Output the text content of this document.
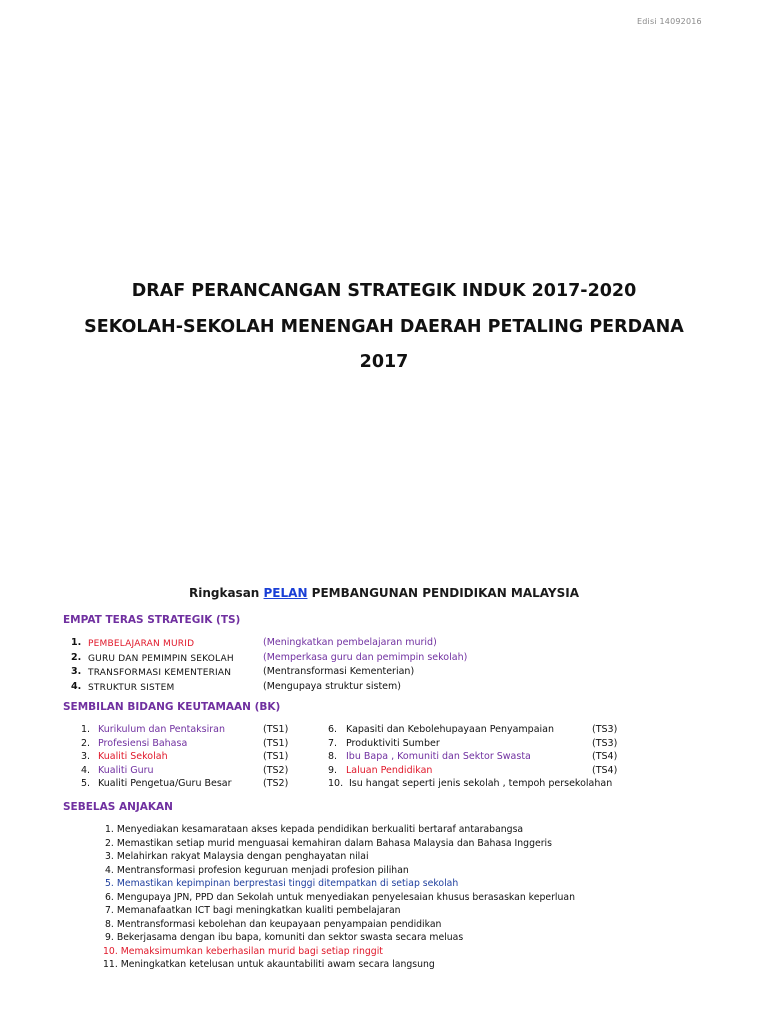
Edisi 14092016
DRAF PERANCANGAN STRATEGIK INDUK 2017-2020
SEKOLAH-SEKOLAH MENENGAH DAERAH PETALING PERDANA
2017
Ringkasan PELAN PEMBANGUNAN PENDIDIKAN MALAYSIA
EMPAT TERAS STRATEGIK (TS)
1. PEMBELAJARAN MURID	(Meningkatkan pembelajaran murid)
2. GURU DAN PEMIMPIN SEKOLAH	(Memperkasa guru dan pemimpin sekolah)
3. TRANSFORMASI KEMENTERIAN	(Mentransformasi Kementerian)
4. STRUKTUR SISTEM	(Mengupaya struktur sistem)
SEMBILAN BIDANG KEUTAMAAN (BK)
1. Kurikulum dan Pentaksiran	(TS1)
2. Profesiensi Bahasa	(TS1)
3. Kualiti Sekolah	(TS1)
4. Kualiti Guru	(TS2)
5. Kualiti Pengetua/Guru Besar	(TS2)
6. Kapasiti dan Kebolehupayaan Penyampaian	(TS3)
7. Produktiviti Sumber	(TS3)
8. Ibu Bapa , Komuniti dan Sektor Swasta	(TS4)
9. Laluan Pendidikan	(TS4)
10. Isu hangat seperti jenis sekolah , tempoh persekolahan
SEBELAS ANJAKAN
1. Menyediakan kesamarataan akses kepada pendidikan berkualiti bertaraf antarabangsa
2. Memastikan setiap murid menguasai kemahiran dalam Bahasa Malaysia dan Bahasa Inggeris
3. Melahirkan rakyat Malaysia dengan penghayatan nilai
4. Mentransformasi profesion keguruan menjadi profesion pilihan
5. Memastikan kepimpinan berprestasi tinggi ditempatkan di setiap sekolah
6. Mengupaya JPN, PPD dan Sekolah untuk menyediakan penyelesaian khusus berasaskan keperluan
7. Memanafaatkan ICT bagi meningkatkan kualiti pembelajaran
8. Mentransformasi kebolehan dan keupayaan penyampaian pendidikan
9. Bekerjasama dengan ibu bapa, komuniti dan sektor swasta secara meluas
10. Memaksimumkan keberhasilan murid bagi setiap ringgit
11. Meningkatkan ketelusan untuk akauntabiliti awam secara langsung
